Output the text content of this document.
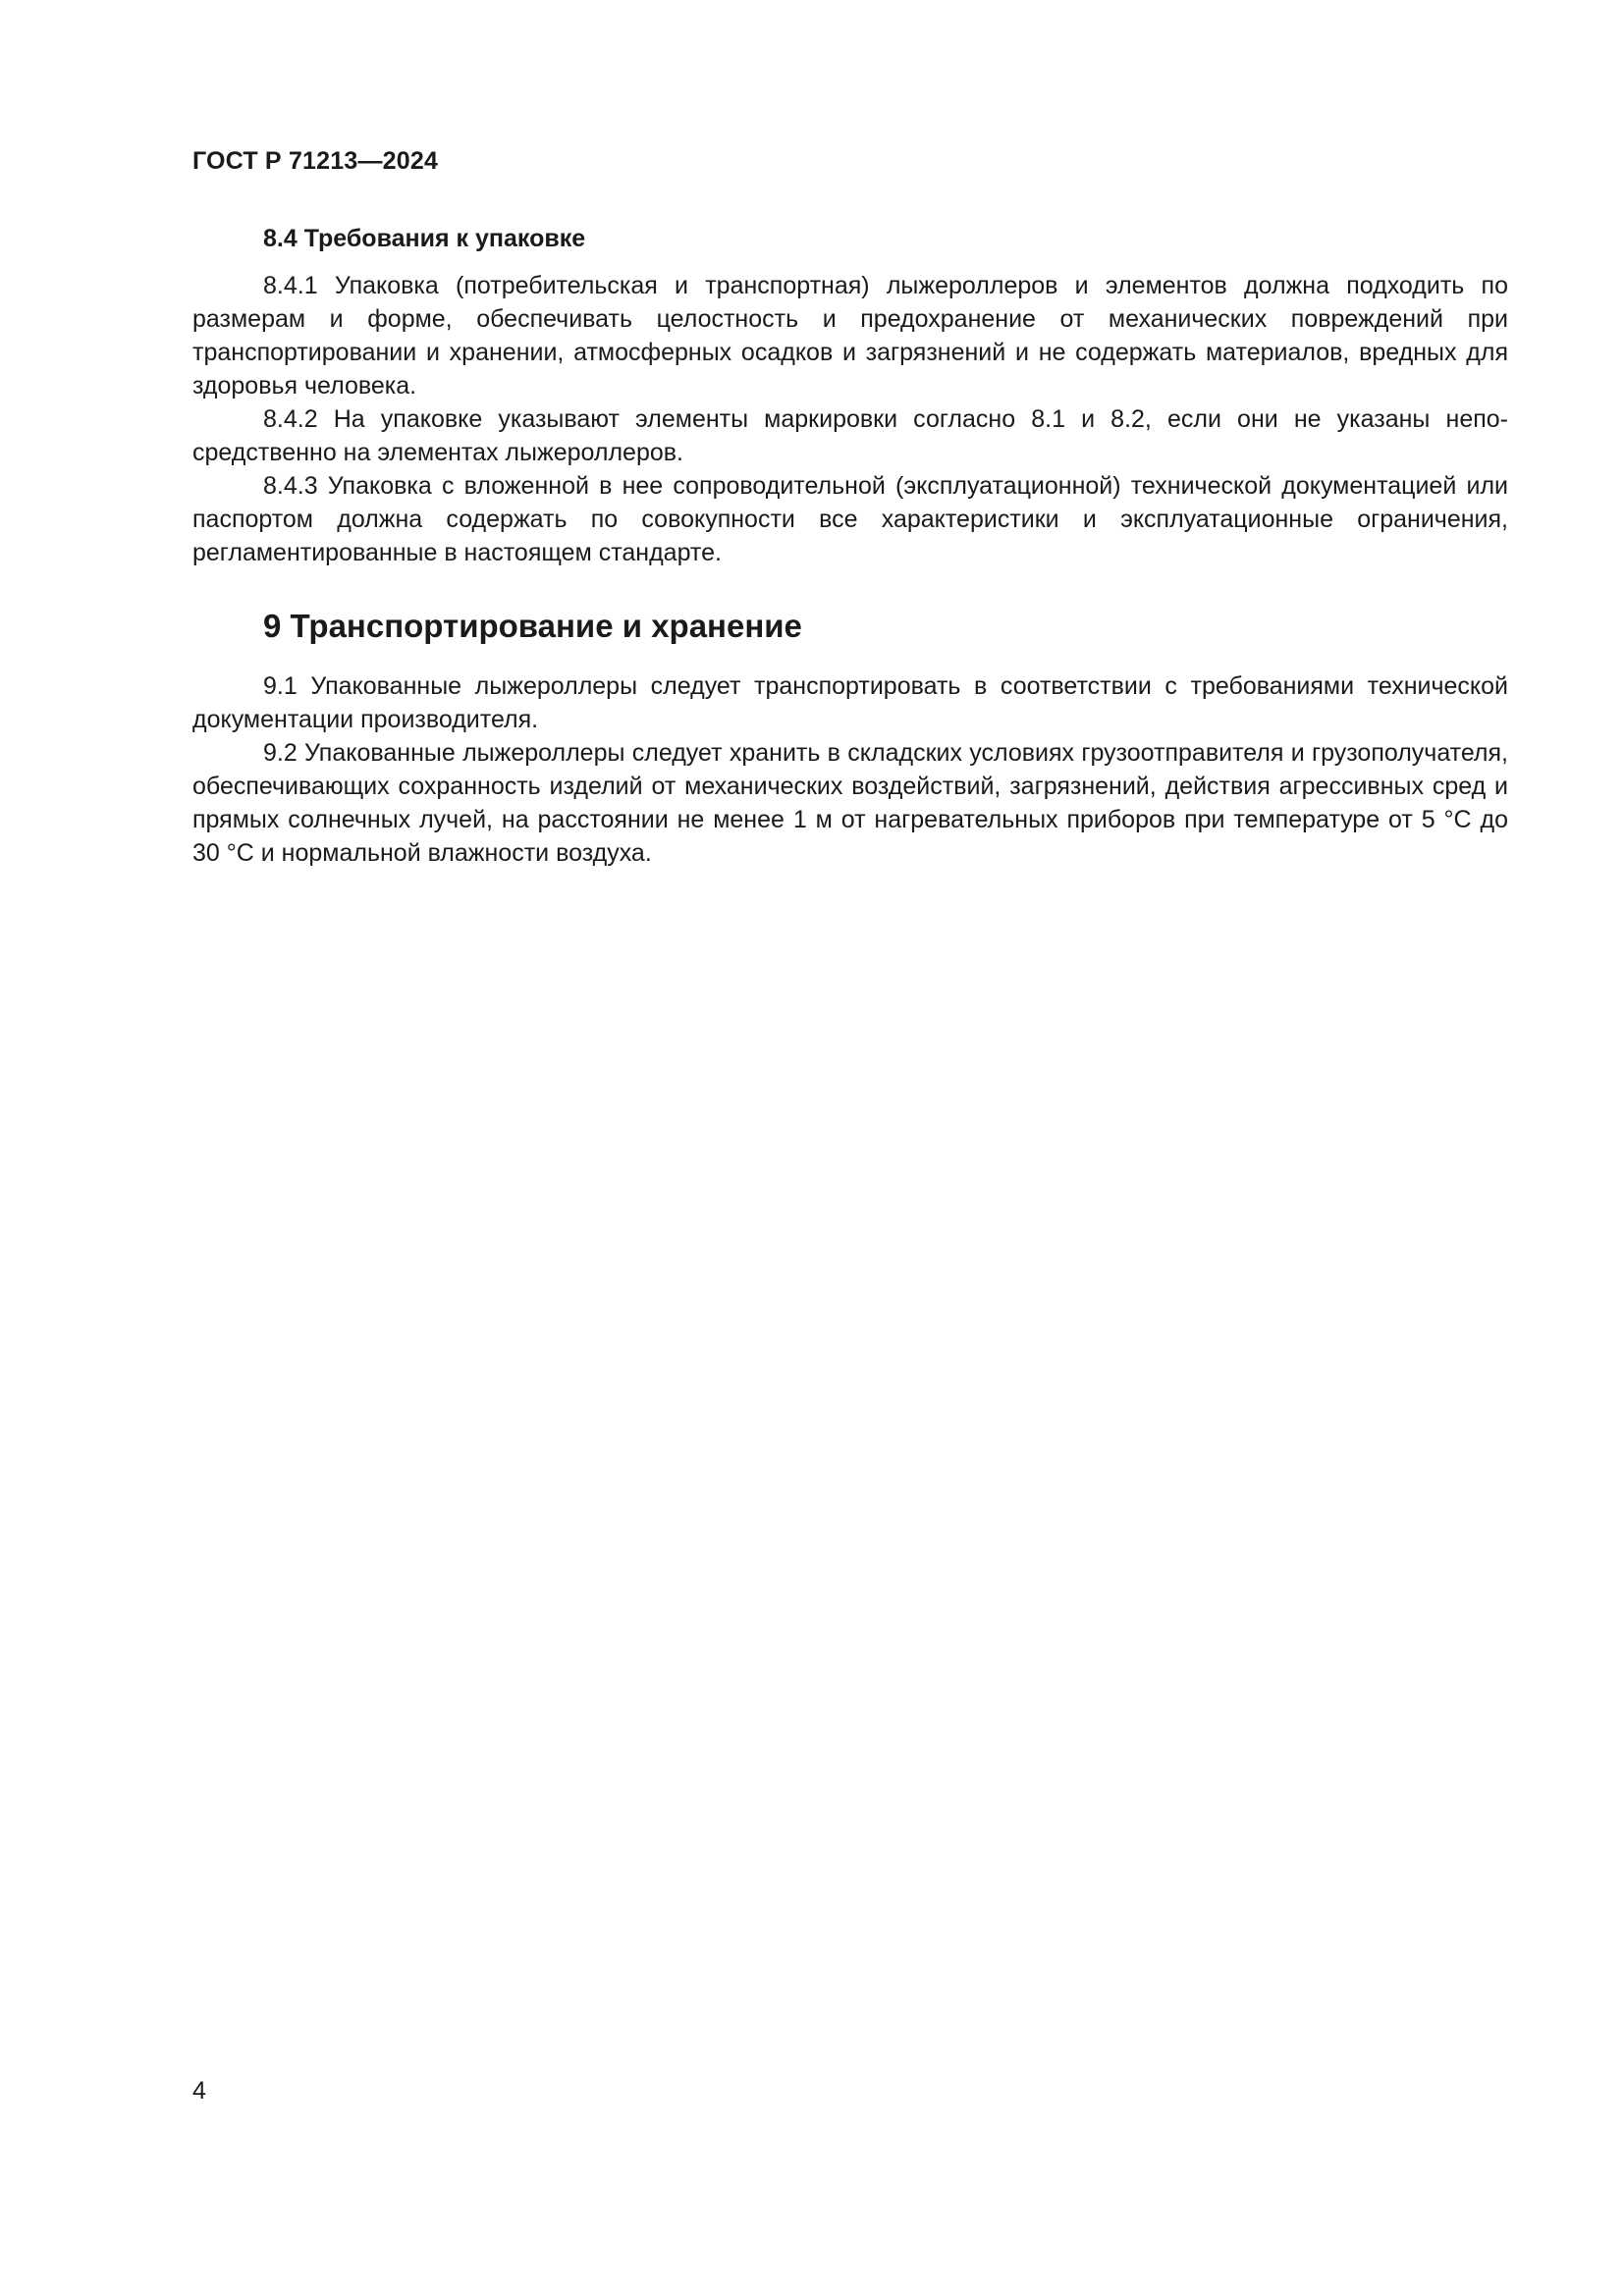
ГОСТ Р 71213—2024
8.4 Требования к упаковке

8.4.1 Упаковка (потребительская и транспортная) лыжероллеров и элементов должна подходить по размерам и форме, обеспечивать целостность и предохранение от механических повреждений при транспортировании и хранении, атмосферных осадков и загрязнений и не содержать материалов, вредных для здоровья человека.

8.4.2 На упаковке указывают элементы маркировки согласно 8.1 и 8.2, если они не указаны непосредственно на элементах лыжероллеров.

8.4.3 Упаковка с вложенной в нее сопроводительной (эксплуатационной) технической документацией или паспортом должна содержать по совокупности все характеристики и эксплуатационные ограничения, регламентированные в настоящем стандарте.

9 Транспортирование и хранение

9.1 Упакованные лыжероллеры следует транспортировать в соответствии с требованиями технической документации производителя.

9.2 Упакованные лыжероллеры следует хранить в складских условиях грузоотправителя и грузополучателя, обеспечивающих сохранность изделий от механических воздействий, загрязнений, действия агрессивных сред и прямых солнечных лучей, на расстоянии не менее 1 м от нагревательных приборов при температуре от 5 °С до 30 °С и нормальной влажности воздуха.

4
